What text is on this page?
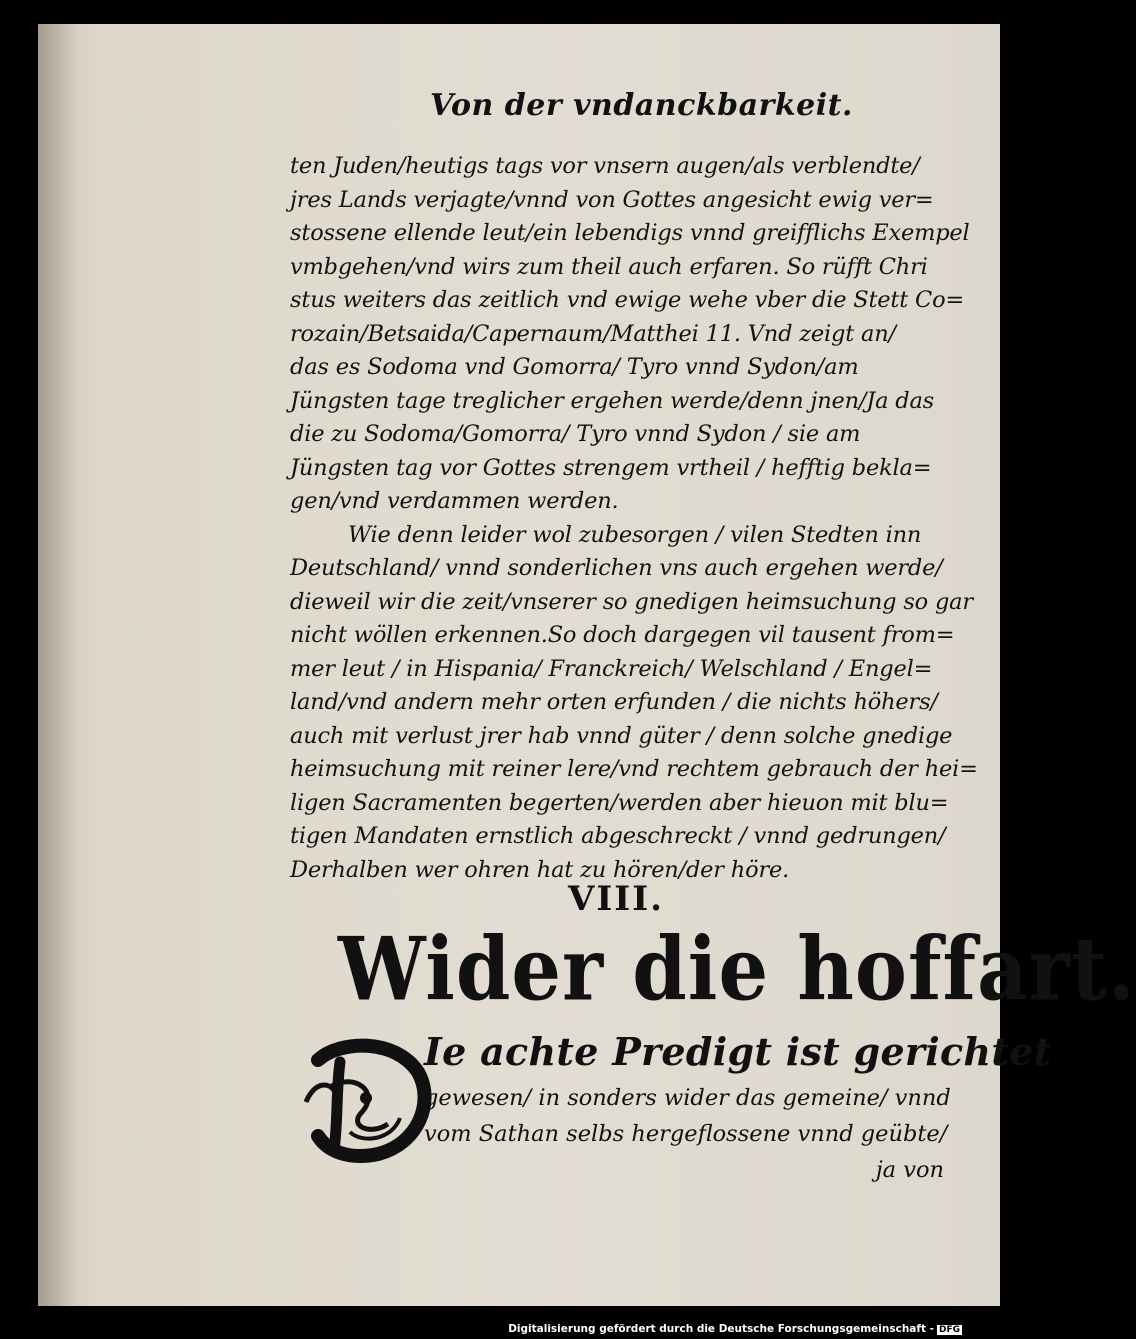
Von der vndanckbarkeit.

ten Juden/heutigs tags vor vnsern augen/als verblendte/
jres Lands verjagte/vnnd von Gottes angesicht ewig ver=
stossene ellende leut/ein lebendigs vnnd greifflichs Exempel
vmbgehen/vnd wirs zum theil auch erfaren. So rüfft Chri
stus weiters das zeitlich vnd ewige wehe vber die Stett Co=
rozain/Betsaida/Capernaum/Matthei 11. Vnd zeigt an/
das es Sodoma vnd Gomorra/ Tyro vnnd Sydon/am
Jüngsten tage treglicher ergehen werde/denn jnen/Ja das
die zu Sodoma/Gomorra/ Tyro vnnd Sydon / sie am
Jüngsten tag vor Gottes strengem vrtheil / hefftig bekla=
gen/vnd verdammen werden.
Wie denn leider wol zubesorgen / vilen Stedten inn
Deutschland/ vnnd sonderlichen vns auch ergehen werde/
dieweil wir die zeit/vnserer so gnedigen heimsuchung so gar
nicht wöllen erkennen.So doch dargegen vil tausent from=
mer leut / in Hispania/ Franckreich/ Welschland / Engel=
land/vnd andern mehr orten erfunden / die nichts höhers/
auch mit verlust jrer hab vnnd güter / denn solche gnedige
heimsuchung mit reiner lere/vnd rechtem gebrauch der hei=
ligen Sacramenten begerten/werden aber hieuon mit blu=
tigen Mandaten ernstlich abgeschreckt / vnnd gedrungen/
Derhalben wer ohren hat zu hören/der höre.

VIII.

Wider die hoffart.

Ie achte Predigt ist gerichtet
gewesen/ in sonders wider das gemeine/ vnnd
vom Sathan selbs hergeflossene vnnd geübte/
ja von
Digitalisierung gefördert durch die Deutsche Forschungsgemeinschaft - DFG
